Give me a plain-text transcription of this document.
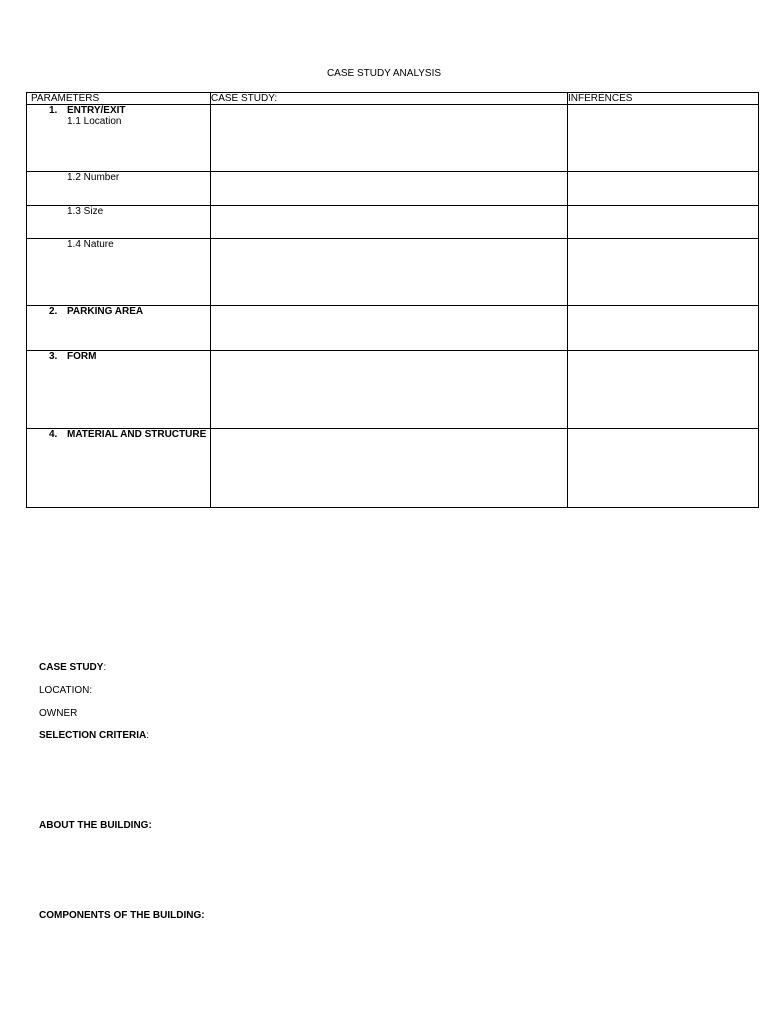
CASE STUDY ANALYSIS
PARAMETERS	CASE STUDY:	INFERENCES

1. ENTRY/EXIT
1.1 Location		

1.2 Number		

1.3 Size		

1.4 Nature		

2. PARKING AREA		

3. FORM		

4. MATERIAL AND STRUCTURE		

CASE STUDY:
LOCATION:
OWNER
SELECTION CRITERIA:
ABOUT THE BUILDING:
COMPONENTS OF THE BUILDING:
